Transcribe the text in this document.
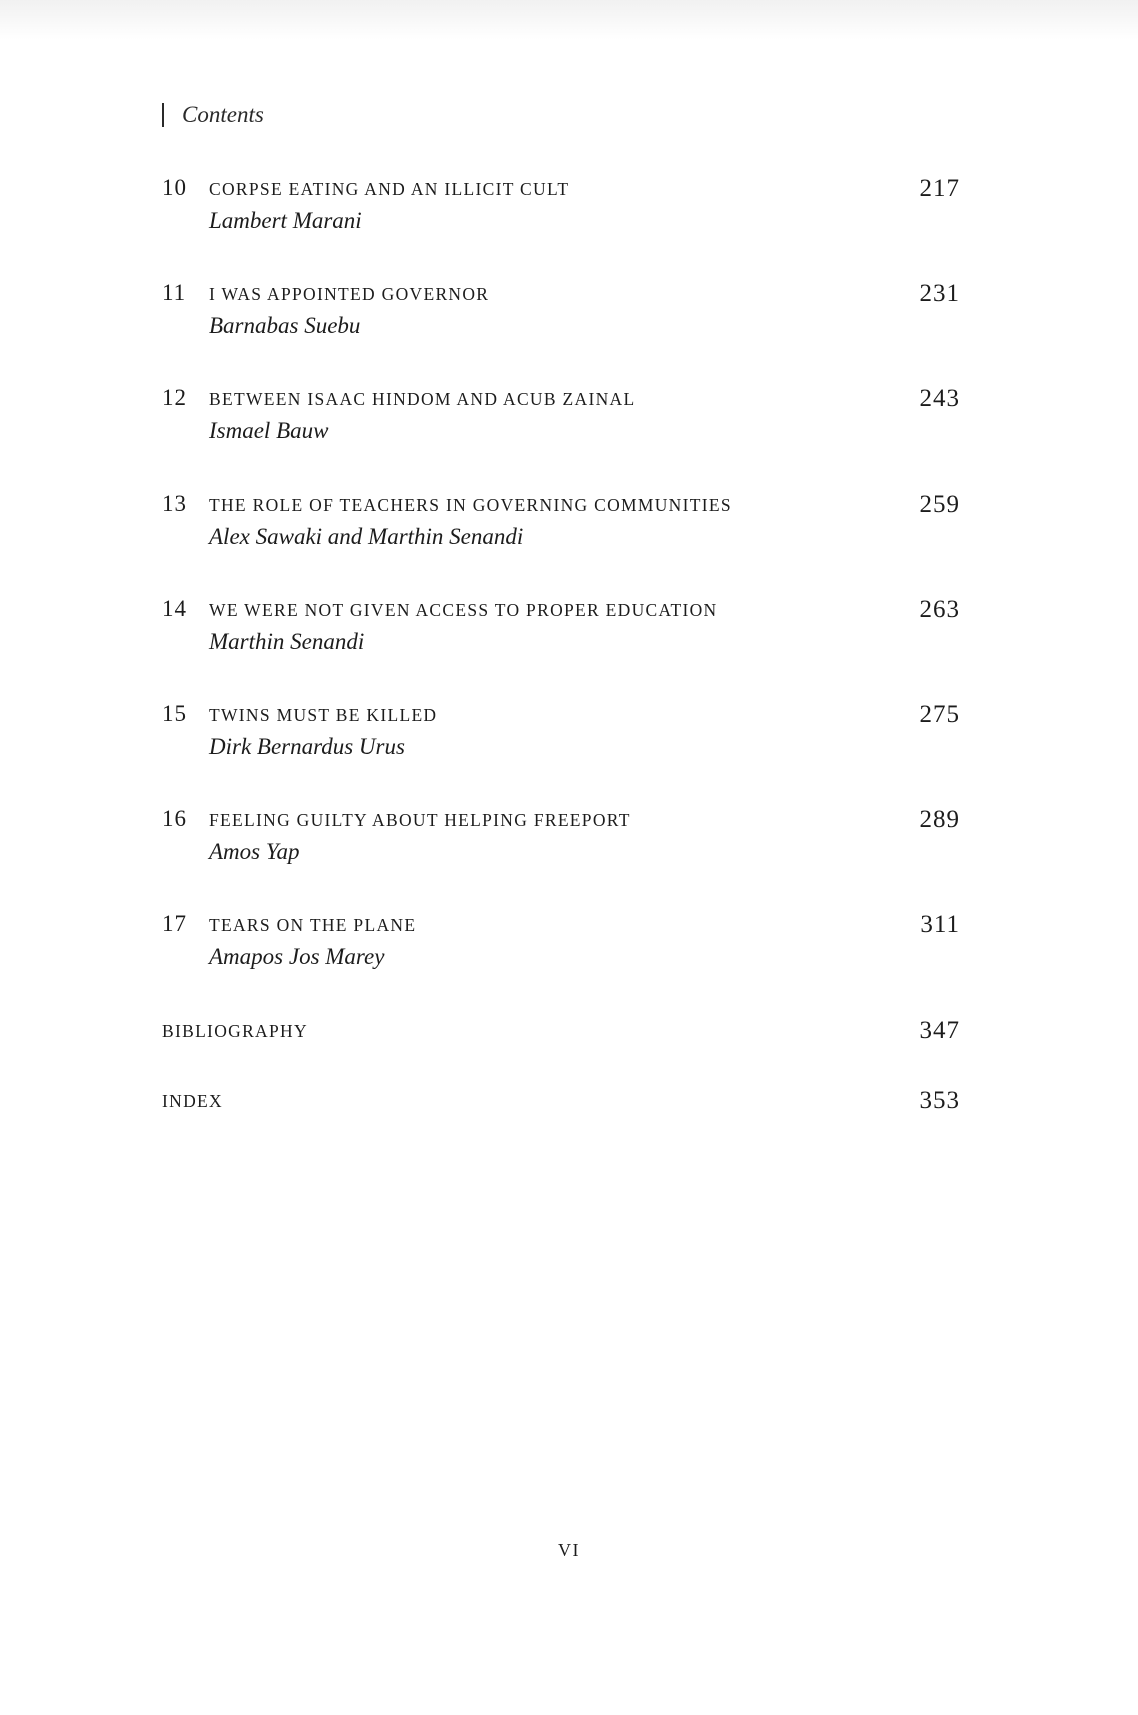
Contents
10 CORPSE EATING AND AN ILLICIT CULT
Lambert Marani
217
11 I WAS APPOINTED GOVERNOR
Barnabas Suebu
231
12 BETWEEN ISAAC HINDOM AND ACUB ZAINAL
Ismael Bauw
243
13 THE ROLE OF TEACHERS IN GOVERNING COMMUNITIES
Alex Sawaki and Marthin Senandi
259
14 WE WERE NOT GIVEN ACCESS TO PROPER EDUCATION
Marthin Senandi
263
15 TWINS MUST BE KILLED
Dirk Bernardus Urus
275
16 FEELING GUILTY ABOUT HELPING FREEPORT
Amos Yap
289
17 TEARS ON THE PLANE
Amapos Jos Marey
311
BIBLIOGRAPHY	347
INDEX	353
VI
